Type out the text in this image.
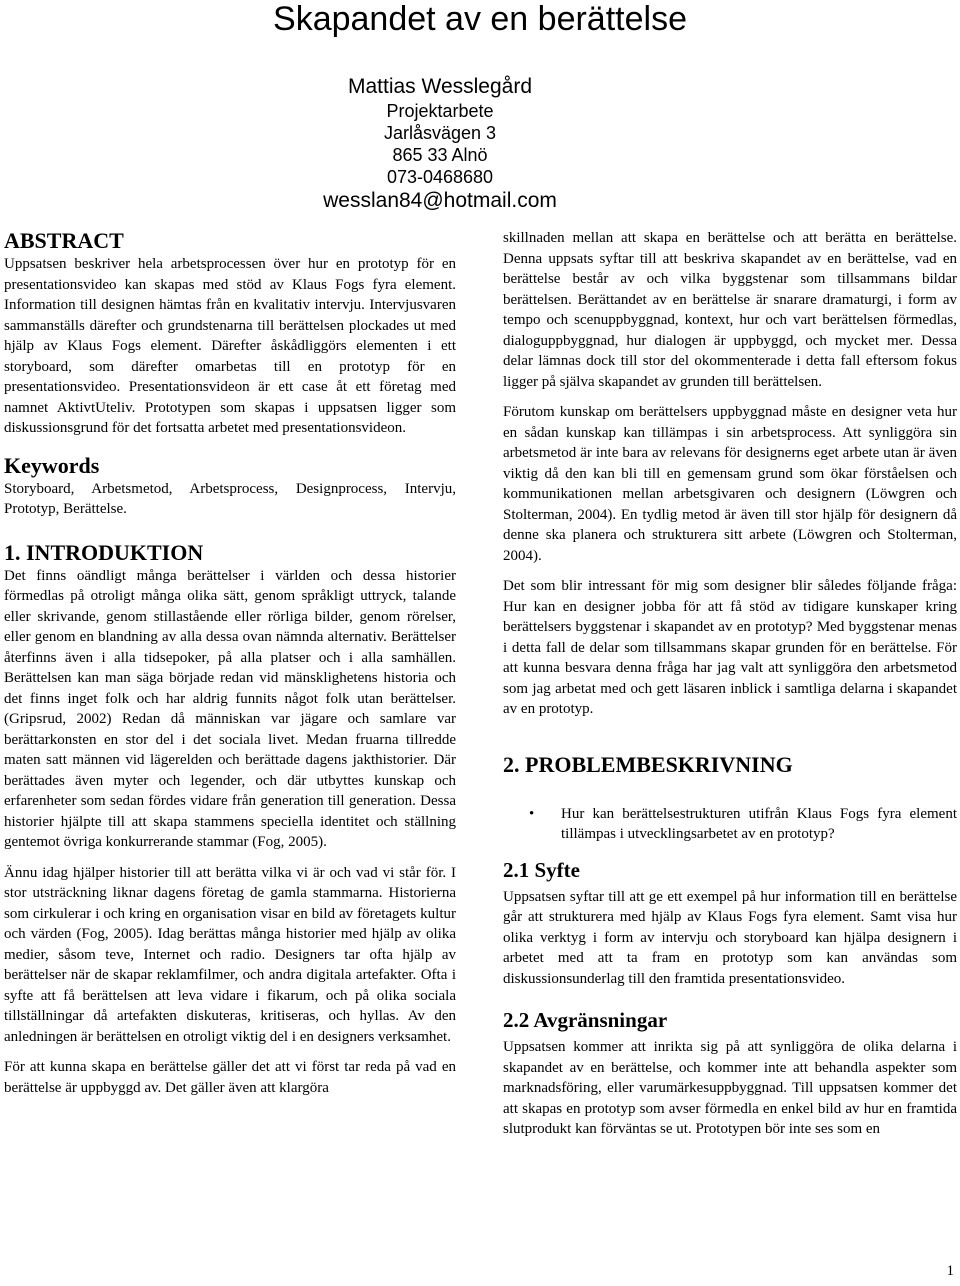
Skapandet av en berättelse
Mattias Wesslegård
Projektarbete
Jarlåsvägen 3
865 33 Alnö
073-0468680
wesslan84@hotmail.com
ABSTRACT

Uppsatsen beskriver hela arbetsprocessen över hur en prototyp för en presentationsvideo kan skapas med stöd av Klaus Fogs fyra element. Information till designen hämtas från en kvalitativ intervju. Intervjusvaren sammanställs därefter och grundstenarna till berättelsen plockades ut med hjälp av Klaus Fogs element. Därefter åskådliggörs elementen i ett storyboard, som därefter omarbetas till en prototyp för en presentationsvideo. Presentationsvideon är ett case åt ett företag med namnet AktivtUteliv. Prototypen som skapas i uppsatsen ligger som diskussionsgrund för det fortsatta arbetet med presentationsvideon.

Keywords

Storyboard, Arbetsmetod, Arbetsprocess, Designprocess, Intervju, Prototyp, Berättelse.

1. INTRODUKTION

Det finns oändligt många berättelser i världen och dessa historier förmedlas på otroligt många olika sätt, genom språkligt uttryck, talande eller skrivande, genom stillastående eller rörliga bilder, genom rörelser, eller genom en blandning av alla dessa ovan nämnda alternativ. Berättelser återfinns även i alla tidsepoker, på alla platser och i alla samhällen. Berättelsen kan man säga började redan vid mänsklighetens historia och det finns inget folk och har aldrig funnits något folk utan berättelser. (Gripsrud, 2002) Redan då människan var jägare och samlare var berättarkonsten en stor del i det sociala livet. Medan fruarna tillredde maten satt männen vid lägerelden och berättade dagens jakthistorier. Där berättades även myter och legender, och där utbyttes kunskap och erfarenheter som sedan fördes vidare från generation till generation. Dessa historier hjälpte till att skapa stammens speciella identitet och ställning gentemot övriga konkurrerande stammar (Fog, 2005).

Ännu idag hjälper historier till att berätta vilka vi är och vad vi står för. I stor utsträckning liknar dagens företag de gamla stammarna. Historierna som cirkulerar i och kring en organisation visar en bild av företagets kultur och värden (Fog, 2005). Idag berättas många historier med hjälp av olika medier, såsom teve, Internet och radio. Designers tar ofta hjälp av berättelser när de skapar reklamfilmer, och andra digitala artefakter. Ofta i syfte att få berättelsen att leva vidare i fikarum, och på olika sociala tillställningar då artefakten diskuteras, kritiseras, och hyllas. Av den anledningen är berättelsen en otroligt viktig del i en designers verksamhet.

För att kunna skapa en berättelse gäller det att vi först tar reda på vad en berättelse är uppbyggd av. Det gäller även att klargöra

skillnaden mellan att skapa en berättelse och att berätta en berättelse. Denna uppsats syftar till att beskriva skapandet av en berättelse, vad en berättelse består av och vilka byggstenar som tillsammans bildar berättelsen. Berättandet av en berättelse är snarare dramaturgi, i form av tempo och scenuppbyggnad, kontext, hur och vart berättelsen förmedlas, dialoguppbyggnad, hur dialogen är uppbyggd, och mycket mer. Dessa delar lämnas dock till stor del okommenterade i detta fall eftersom fokus ligger på själva skapandet av grunden till berättelsen.

Förutom kunskap om berättelsers uppbyggnad måste en designer veta hur en sådan kunskap kan tillämpas i sin arbetsprocess. Att synliggöra sin arbetsmetod är inte bara av relevans för designerns eget arbete utan är även viktig då den kan bli till en gemensam grund som ökar förståelsen och kommunikationen mellan arbetsgivaren och designern (Löwgren och Stolterman, 2004). En tydlig metod är även till stor hjälp för designern då denne ska planera och strukturera sitt arbete (Löwgren och Stolterman, 2004).

Det som blir intressant för mig som designer blir således följande fråga: Hur kan en designer jobba för att få stöd av tidigare kunskaper kring berättelsers byggstenar i skapandet av en prototyp? Med byggstenar menas i detta fall de delar som tillsammans skapar grunden för en berättelse. För att kunna besvara denna fråga har jag valt att synliggöra den arbetsmetod som jag arbetat med och gett läsaren inblick i samtliga delarna i skapandet av en prototyp.

2. PROBLEMBESKRIVNING
• Hur kan berättelsestrukturen utifrån Klaus Fogs fyra element tillämpas i utvecklingsarbetet av en prototyp?
2.1 Syfte

Uppsatsen syftar till att ge ett exempel på hur information till en berättelse går att strukturera med hjälp av Klaus Fogs fyra element. Samt visa hur olika verktyg i form av intervju och storyboard kan hjälpa designern i arbetet med att ta fram en prototyp som kan användas som diskussionsunderlag till den framtida presentationsvideo.

2.2 Avgränsningar

Uppsatsen kommer att inrikta sig på att synliggöra de olika delarna i skapandet av en berättelse, och kommer inte att behandla aspekter som marknadsföring, eller varumärkesuppbyggnad. Till uppsatsen kommer det att skapas en prototyp som avser förmedla en enkel bild av hur en framtida slutprodukt kan förväntas se ut. Prototypen bör inte ses som en

1
